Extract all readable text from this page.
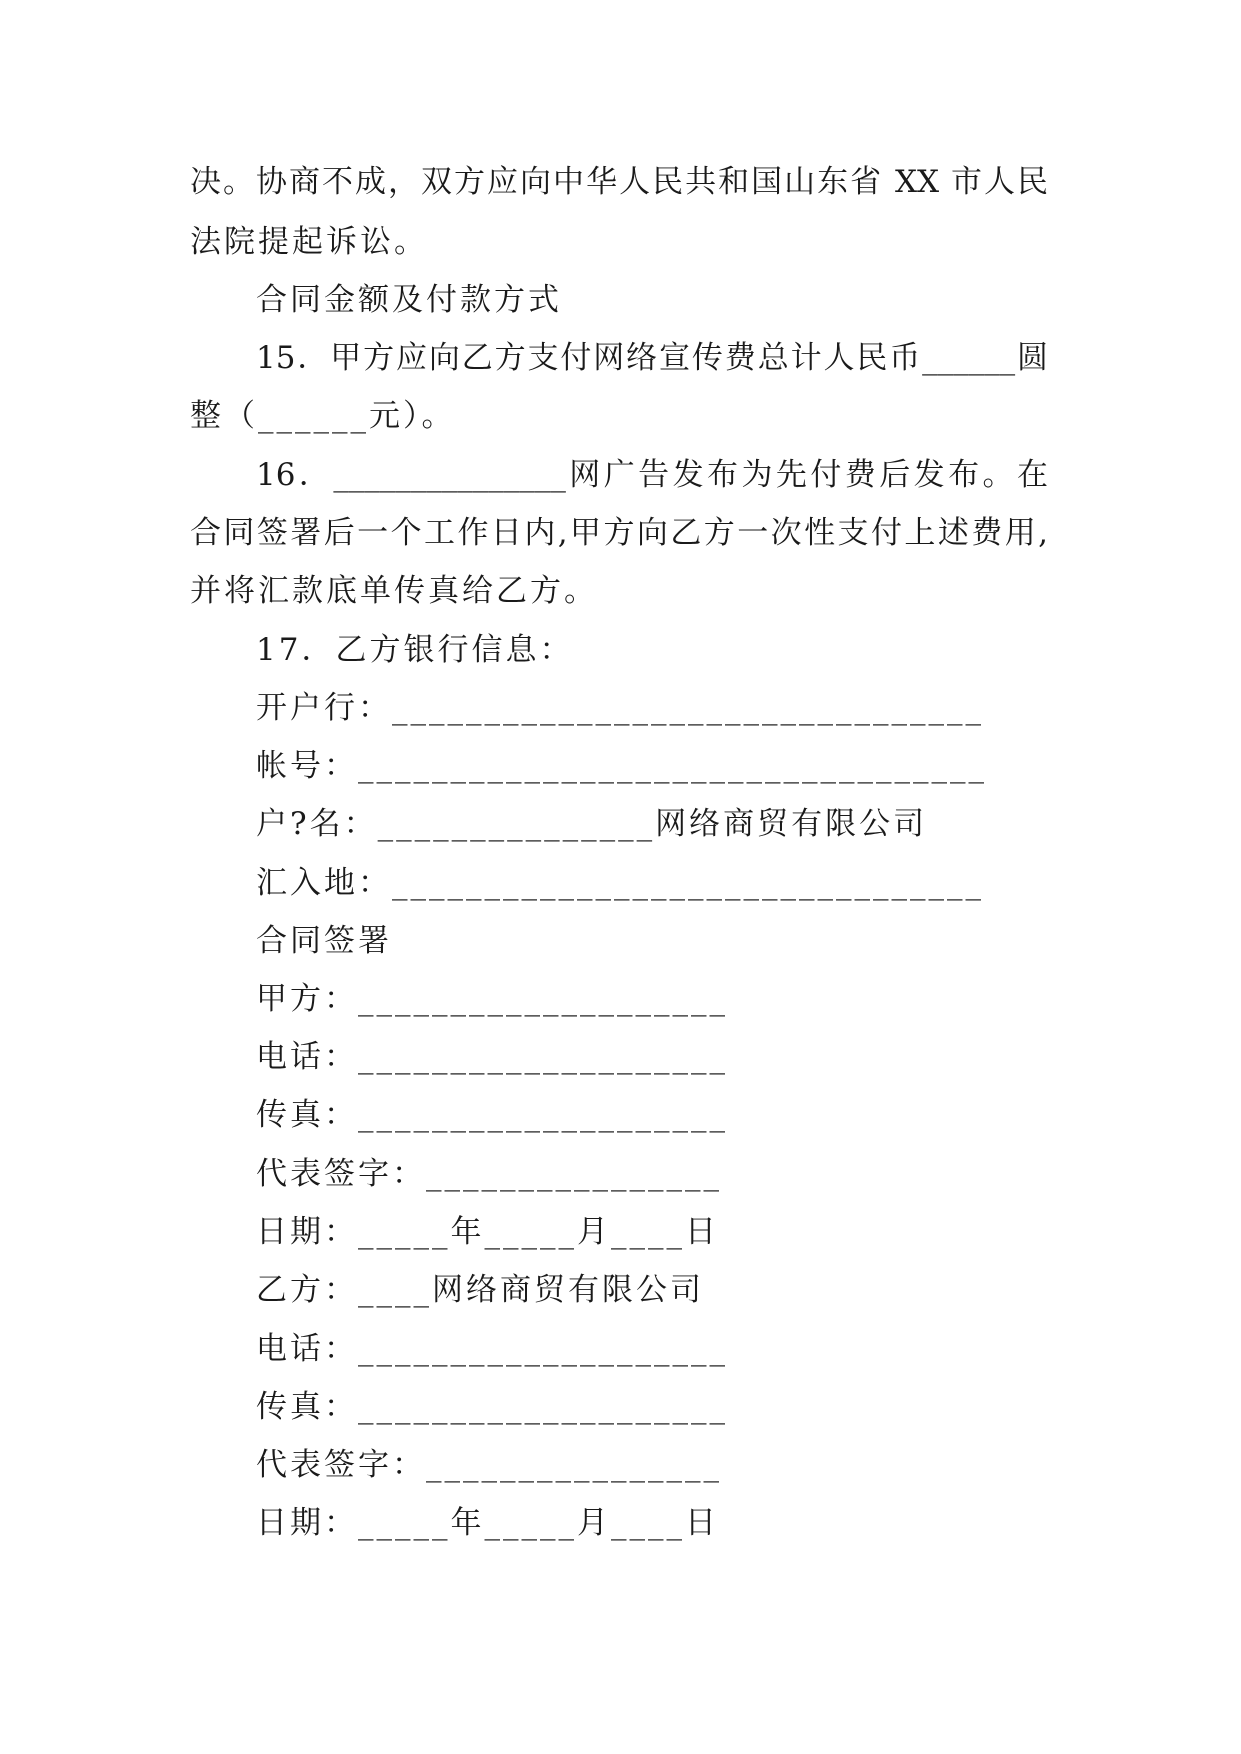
决。协商不成，双方应向中华人民共和国山东省 XX 市人民
法院提起诉讼。
合同金额及付款方式
15．甲方应向乙方支付网络宣传费总计人民币______圆
整（______元）。
16．_______________网广告发布为先付费后发布。在
合同签署后一个工作日内,甲方向乙方一次性支付上述费用,
并将汇款底单传真给乙方。
17．乙方银行信息：
开户行：________________________________
帐号：__________________________________
户?名：_______________网络商贸有限公司
汇入地：________________________________
合同签署
甲方：____________________
电话：____________________
传真：____________________
代表签字：________________
日期：_____年_____月____日
乙方：____网络商贸有限公司
电话：____________________
传真：____________________
代表签字：________________
日期：_____年_____月____日
